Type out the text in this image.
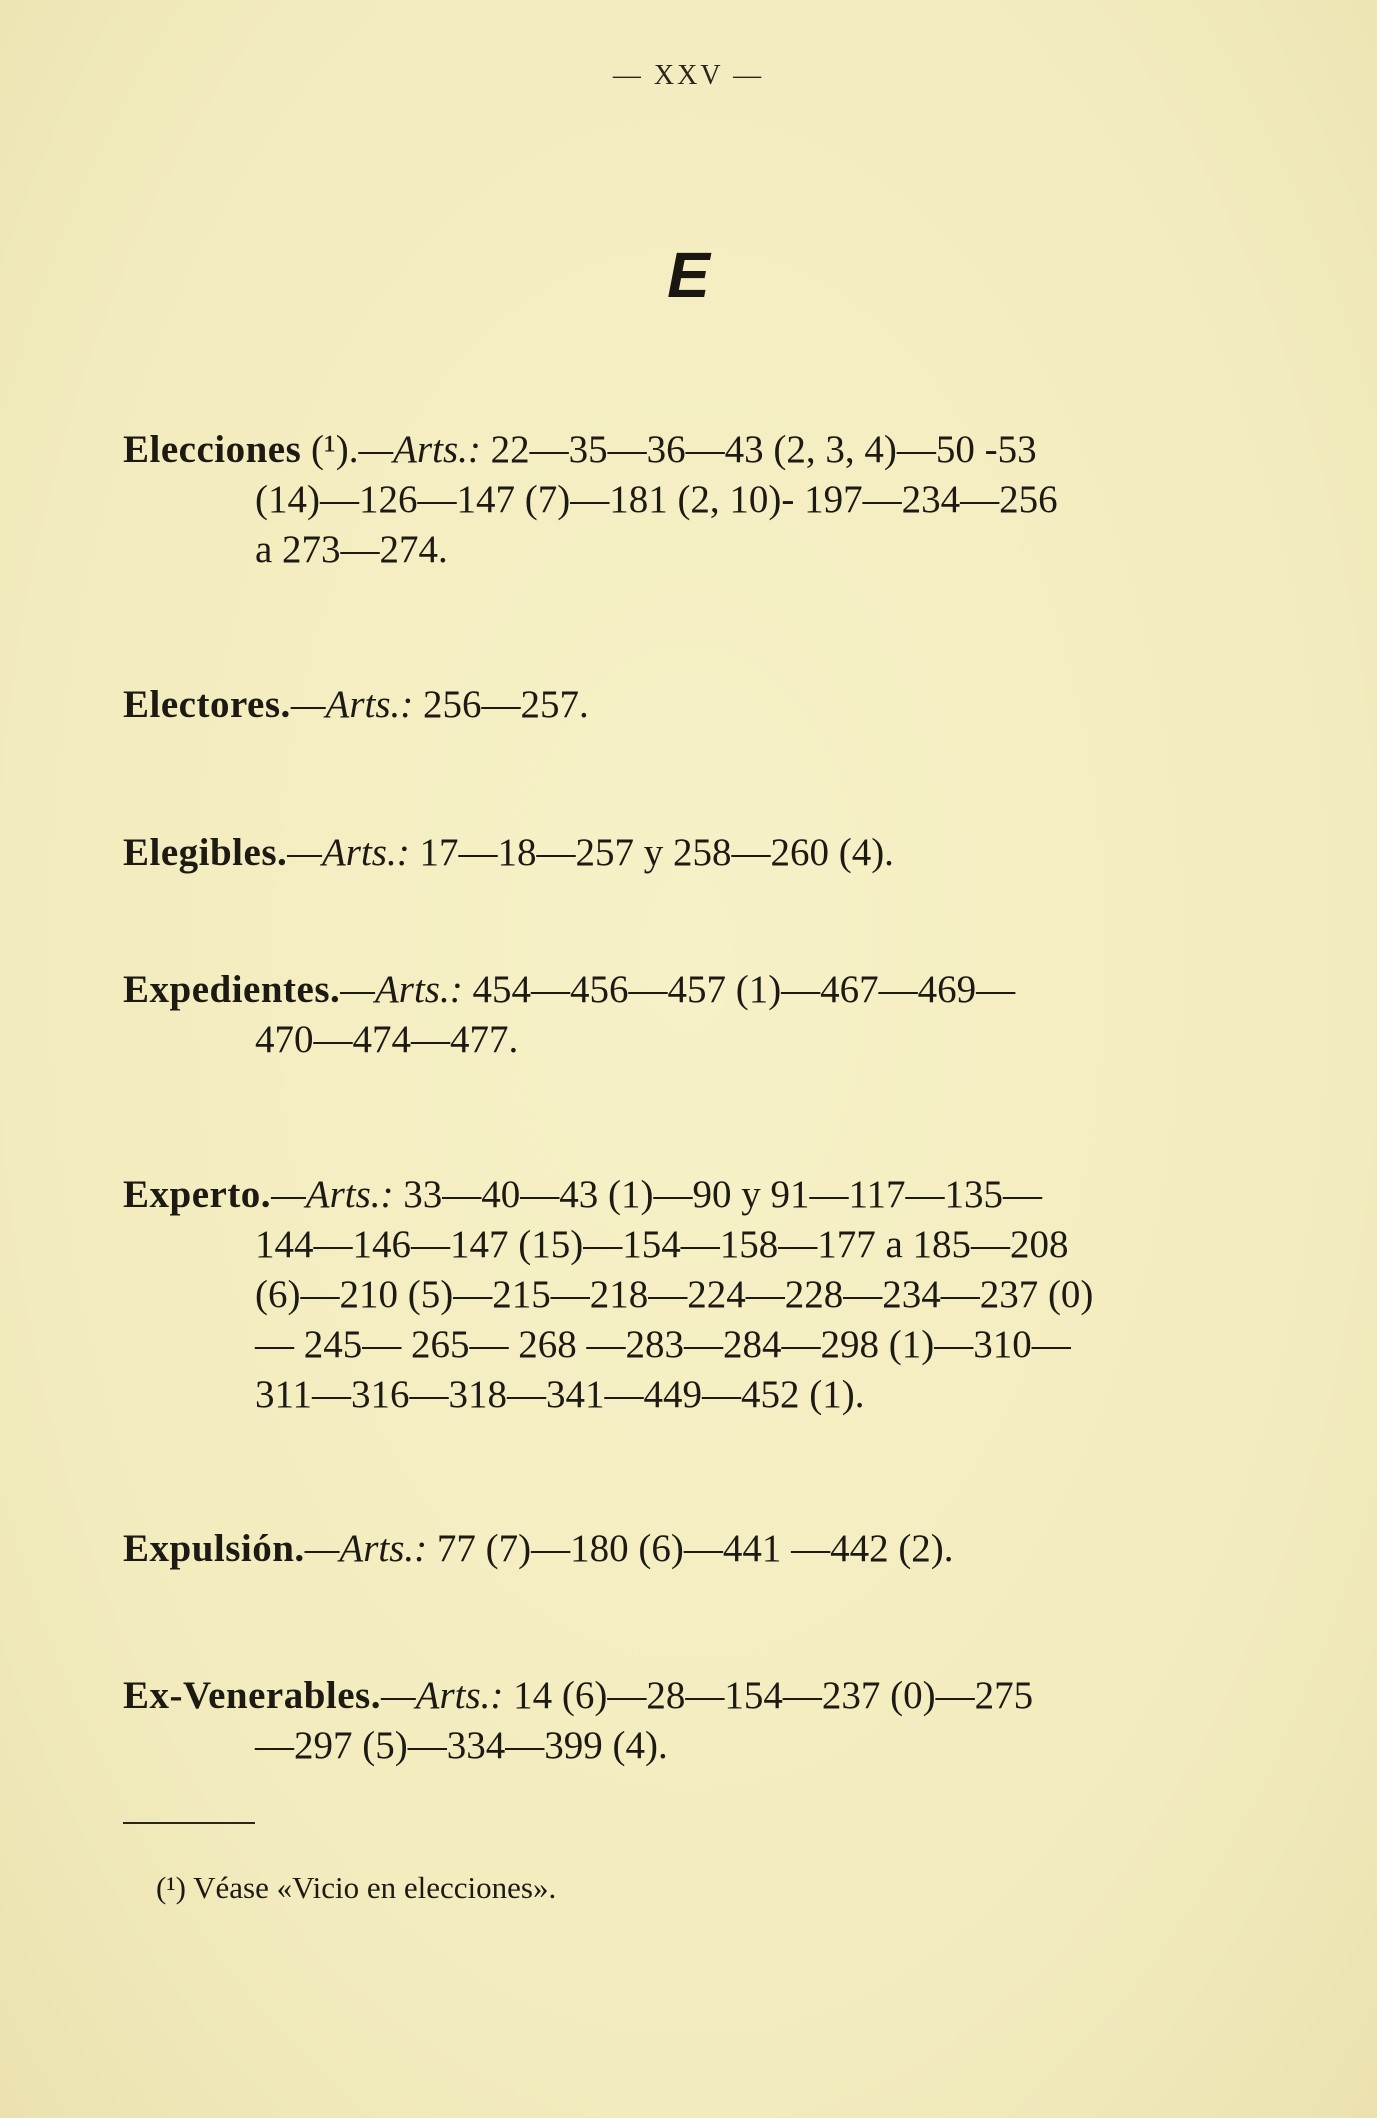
— XXV —
E
Elecciones (¹).—Arts.: 22—35—36—43 (2, 3, 4)—50 -53
(14)—126—147 (7)—181 (2, 10)- 197—234—256
a 273—274.
Electores.—Arts.: 256—257.
Elegibles.—Arts.: 17—18—257 y 258—260 (4).
Expedientes.—Arts.: 454—456—457 (1)—467—469—
470—474—477.
Experto.—Arts.: 33—40—43 (1)—90 y 91—117—135—
144—146—147 (15)—154—158—177 a 185—208
(6)—210 (5)—215—218—224—228—234—237 (0)
— 245— 265— 268 —283—284—298 (1)—310—
311—316—318—341—449—452 (1).
Expulsión.—Arts.: 77 (7)—180 (6)—441 —442 (2).
Ex-Venerables.—Arts.: 14 (6)—28—154—237 (0)—275
—297 (5)—334—399 (4).
(¹) Véase «Vicio en elecciones».
